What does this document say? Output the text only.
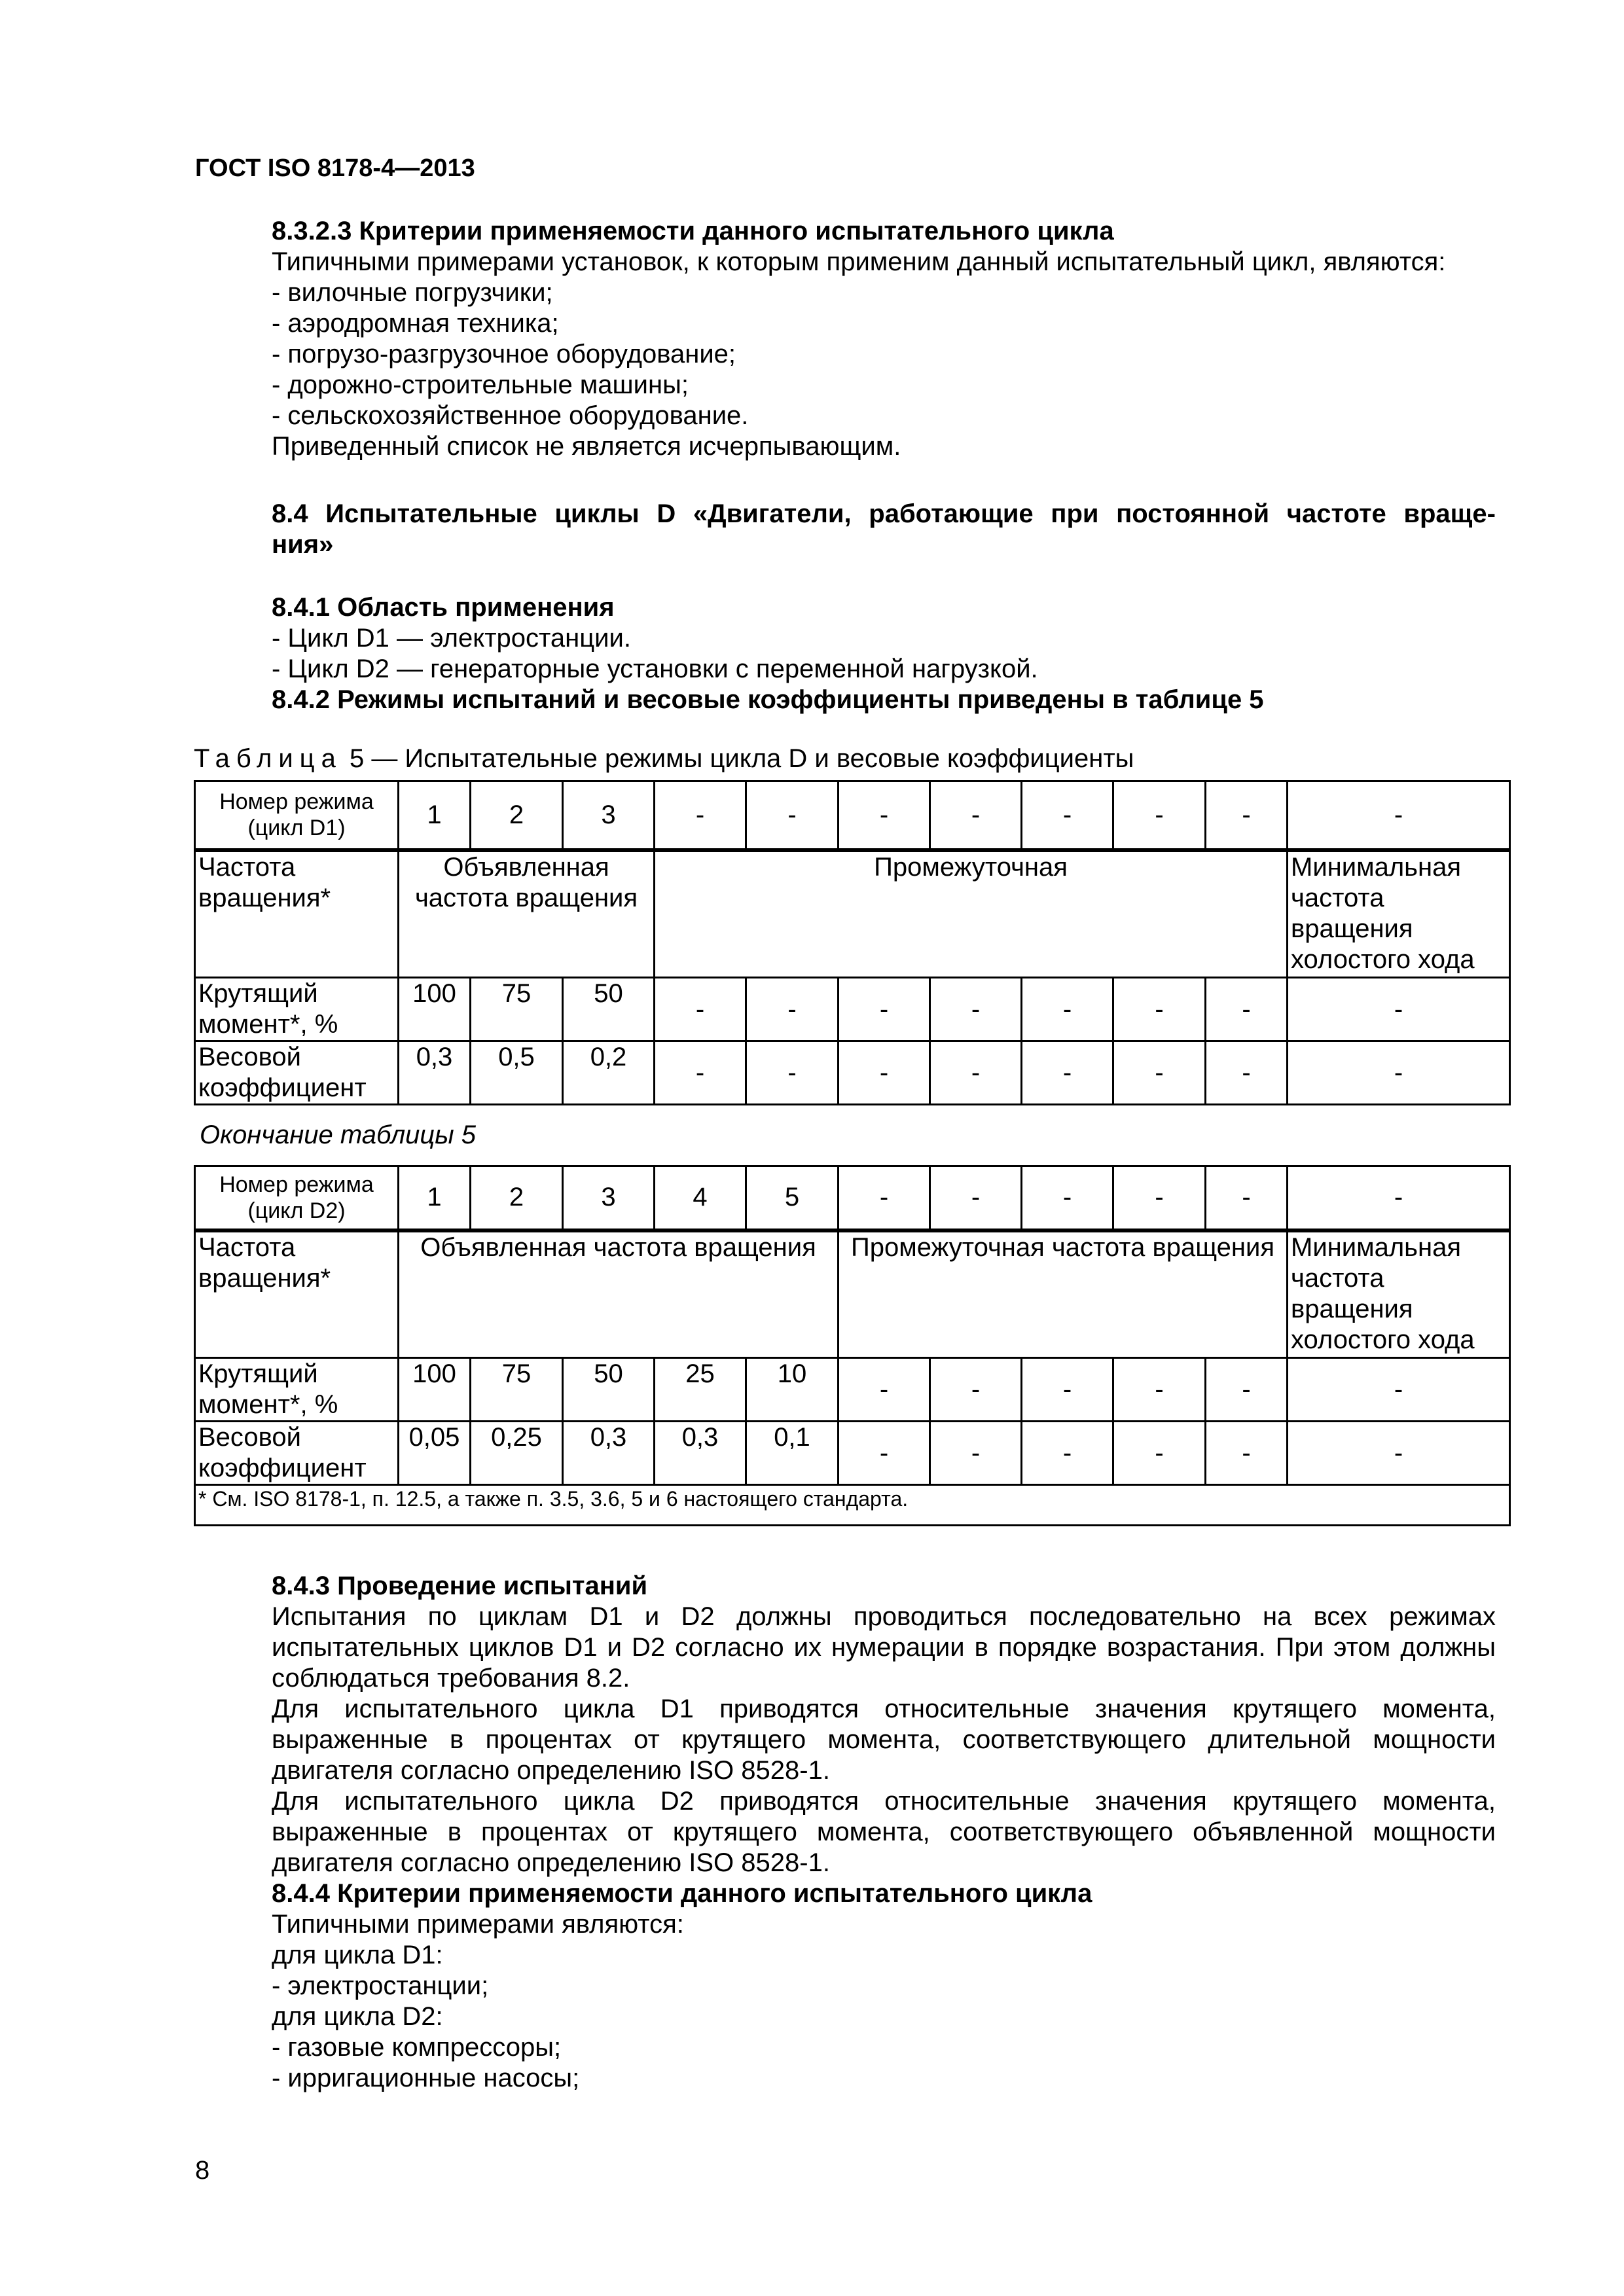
ГОСТ ISO 8178-4—2013

8.3.2.3 Критерии применяемости данного испытательного цикла

Типичными примерами установок, к которым применим данный испытательный цикл, являются:

- вилочные погрузчики;

- аэродромная техника;

- погрузо-разгрузочное оборудование;

- дорожно-строительные машины;

- сельскохозяйственное оборудование.

Приведенный список не является исчерпывающим.

8.4 Испытательные циклы D «Двигатели, работающие при постоянной частоте враще-

ния»

8.4.1 Область применения

- Цикл D1 — электростанции.

- Цикл D2 — генераторные установки с переменной нагрузкой.

8.4.2 Режимы испытаний и весовые коэффициенты приведены в таблице 5

Таблица 5 — Испытательные режимы цикла D и весовые коэффициенты
Номер режима (цикл D1)	1	2	3	-	-	-	-	-	-	-	-
Частота вращения*	Объявленная частота вращения			Промежуточная							Минимальная частота вращения холостого хода
Крутящий момент*, %	100	75	50	-	-	-	-	-	-	-	-
Весовой коэффициент	0,3	0,5	0,2	-	-	-	-	-	-	-	-
Окончание таблицы 5
Номер режима (цикл D2)	1	2	3	4	5	-	-	-	-	-	-
Частота вращения*	Объявленная частота вращения					Промежуточная частота вращения					Минимальная частота вращения холостого хода
Крутящий момент*, %	100	75	50	25	10	-	-	-	-	-	-
Весовой коэффициент	0,05	0,25	0,3	0,3	0,1	-	-	-	-	-	-
* См. ISO 8178-1, п. 12.5, а также п. 3.5, 3.6, 5 и 6 настоящего стандарта.											

8.4.3 Проведение испытаний

Испытания по циклам D1 и D2 должны проводиться последовательно на всех режимах испытательных циклов D1 и D2 согласно их нумерации в порядке возрастания. При этом должны соблюдаться требования 8.2.

Для испытательного цикла D1 приводятся относительные значения крутящего момента, выраженные в процентах от крутящего момента, соответствующего длительной мощности двигателя согласно определению ISO 8528-1.

Для испытательного цикла D2 приводятся относительные значения крутящего момента, выраженные в процентах от крутящего момента, соответствующего объявленной мощности двигателя согласно определению ISO 8528-1.

8.4.4 Критерии применяемости данного испытательного цикла

Типичными примерами являются:

для цикла D1:

- электростанции;

для цикла D2:

- газовые компрессоры;

- ирригационные насосы;

8
